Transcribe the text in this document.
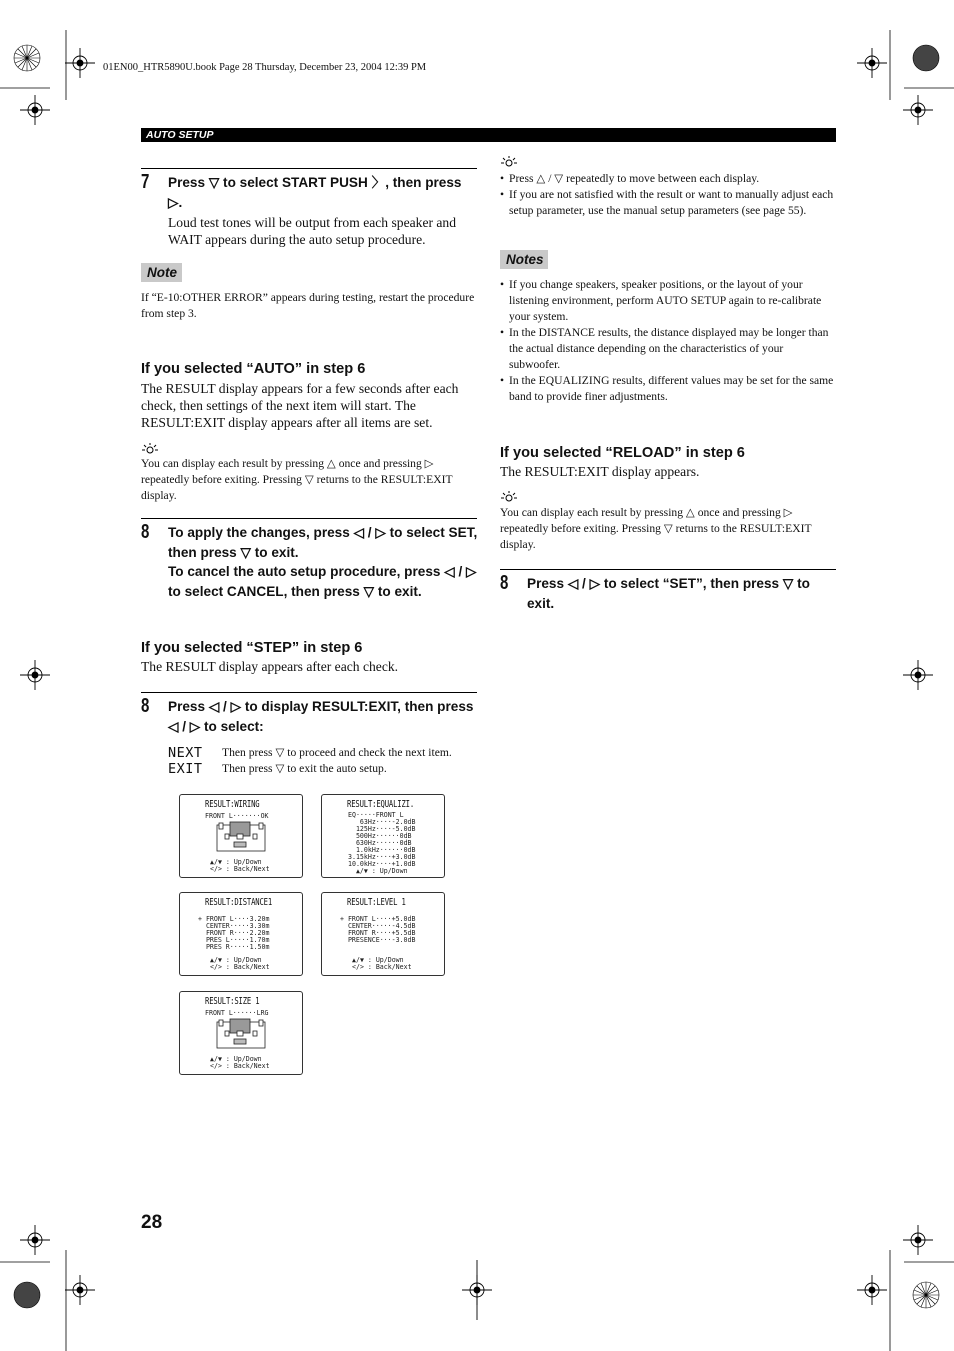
01EN00_HTR5890U.book Page 28 Thursday, December 23, 2004 12:39 PM
AUTO SETUP
7 Press ▽ to select START PUSH 〉, then press ▷.
Loud test tones will be output from each speaker and WAIT appears during the auto setup procedure.
Note
If “E-10:OTHER ERROR” appears during testing, restart the procedure from step 3.
If you selected “AUTO” in step 6
The RESULT display appears for a few seconds after each check, then settings of the next item will start. The RESULT:EXIT display appears after all items are set.
You can display each result by pressing △ once and pressing ▷ repeatedly before exiting. Pressing ▽ returns to the RESULT:EXIT display.
8 To apply the changes, press ◁ / ▷ to select SET, then press ▽ to exit.
To cancel the auto setup procedure, press ◁ / ▷ to select CANCEL, then press ▽ to exit.
If you selected “STEP” in step 6
The RESULT display appears after each check.
8 Press ◁ / ▷ to display RESULT:EXIT, then press ◁ / ▷ to select:
NEXT Then press ▽ to proceed and check the next item.
EXIT Then press ▽ to exit the auto setup.
RESULT:WIRING
FRONT L·······OK
▲/▼ : Up/Down
</> : Back/Next
RESULT:EQUALIZI.
EQ·····FRONT L
63Hz····-2.0dB
125Hz····-5.0dB
500Hz······0dB
630Hz······0dB
1.0kHz······0dB
3.15kHz····+3.0dB
10.0kHz····+1.0dB
▲/▼ : Up/Down
RESULT:DISTANCE1
+ FRONT L····3.20m
CENTER·····3.30m
FRONT R····2.20m
PRES L·····1.70m
PRES R·····1.50m
▲/▼ : Up/Down
</> : Back/Next
RESULT:LEVEL 1
+ FRONT L····+5.0dB
CENTER·····-4.5dB
FRONT R····+5.5dB
PRESENCE···-3.0dB
▲/▼ : Up/Down
</> : Back/Next
RESULT:SIZE 1
FRONT L······LRG
▲/▼ : Up/Down
</> : Back/Next
• Press △ / ▽ repeatedly to move between each display.
• If you are not satisfied with the result or want to manually adjust each setup parameter, use the manual setup parameters (see page 55).
Notes
• If you change speakers, speaker positions, or the layout of your listening environment, perform AUTO SETUP again to re-calibrate your system.
• In the DISTANCE results, the distance displayed may be longer than the actual distance depending on the characteristics of your subwoofer.
• In the EQUALIZING results, different values may be set for the same band to provide finer adjustments.
If you selected “RELOAD” in step 6
The RESULT:EXIT display appears.
You can display each result by pressing △ once and pressing ▷ repeatedly before exiting. Pressing ▽ returns to the RESULT:EXIT display.
8 Press ◁ / ▷ to select “SET”, then press ▽ to exit.
28
